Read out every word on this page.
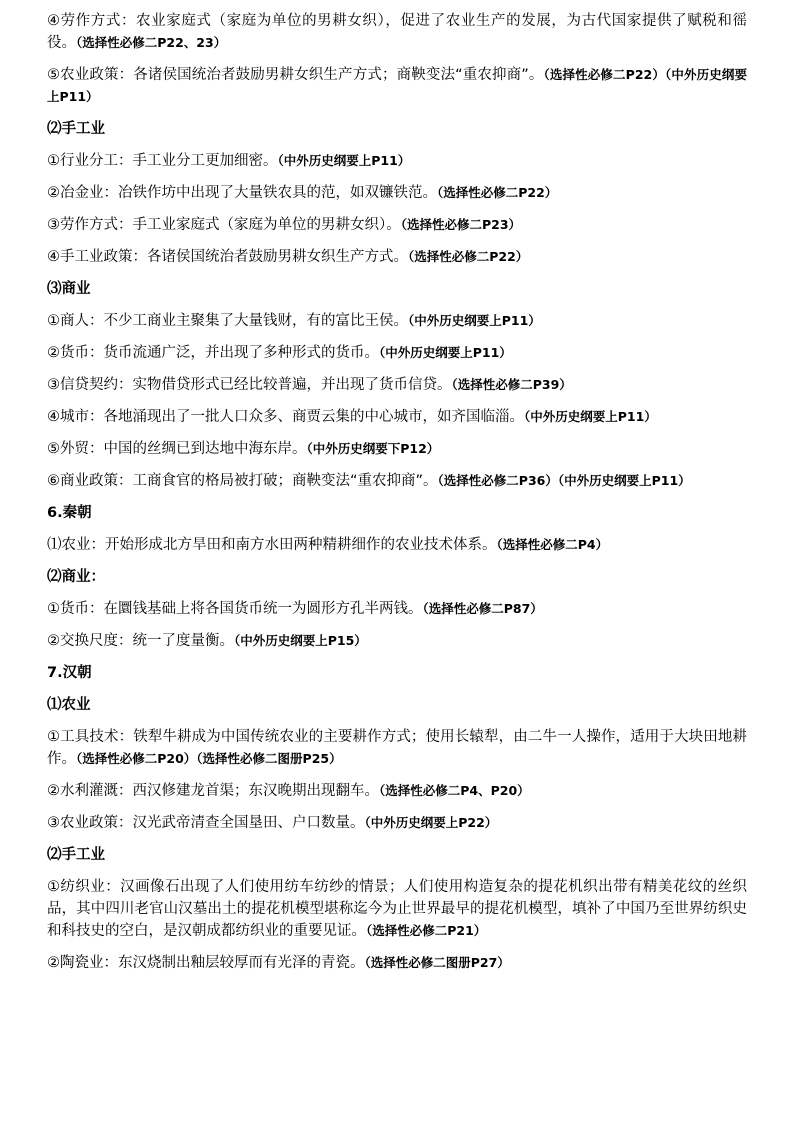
④劳作方式：农业家庭式（家庭为单位的男耕女织），促进了农业生产的发展，为古代国家提供了赋税和徭役。（选择性必修二P22、23）

⑤农业政策：各诸侯国统治者鼓励男耕女织生产方式；商鞅变法“重农抑商”。（选择性必修二P22）（中外历史纲要上P11）

⑵手工业

①行业分工：手工业分工更加细密。（中外历史纲要上P11）

②冶金业：冶铁作坊中出现了大量铁农具的范，如双镰铁范。（选择性必修二P22）

③劳作方式：手工业家庭式（家庭为单位的男耕女织）。（选择性必修二P23）

④手工业政策：各诸侯国统治者鼓励男耕女织生产方式。（选择性必修二P22）

⑶商业

①商人：不少工商业主聚集了大量钱财，有的富比王侯。（中外历史纲要上P11）

②货币：货币流通广泛，并出现了多种形式的货币。（中外历史纲要上P11）

③信贷契约：实物借贷形式已经比较普遍，并出现了货币信贷。（选择性必修二P39）

④城市：各地涌现出了一批人口众多、商贾云集的中心城市，如齐国临淄。（中外历史纲要上P11）

⑤外贸：中国的丝绸已到达地中海东岸。（中外历史纲要下P12）

⑥商业政策：工商食官的格局被打破；商鞅变法“重农抑商”。（选择性必修二P36）（中外历史纲要上P11）

6.秦朝

⑴农业：开始形成北方旱田和南方水田两种精耕细作的农业技术体系。（选择性必修二P4）

⑵商业：

①货币：在圜钱基础上将各国货币统一为圆形方孔半两钱。（选择性必修二P87）

②交换尺度：统一了度量衡。（中外历史纲要上P15）

7.汉朝
⑴农业

①工具技术：铁犁牛耕成为中国传统农业的主要耕作方式；使用长辕犁，由二牛一人操作，适用于大块田地耕作。（选择性必修二P20）（选择性必修二图册P25）

②水利灌溉：西汉修建龙首渠；东汉晚期出现翻车。（选择性必修二P4、P20）

③农业政策：汉光武帝清查全国垦田、户口数量。（中外历史纲要上P22）

⑵手工业

①纺织业：汉画像石出现了人们使用纺车纺纱的情景；人们使用构造复杂的提花机织出带有精美花纹的丝织品，其中四川老官山汉墓出土的提花机模型堪称迄今为止世界最早的提花机模型，填补了中国乃至世界纺织史和科技史的空白，是汉朝成都纺织业的重要见证。（选择性必修二P21）

②陶瓷业：东汉烧制出釉层较厚而有光泽的青瓷。（选择性必修二图册P27）
